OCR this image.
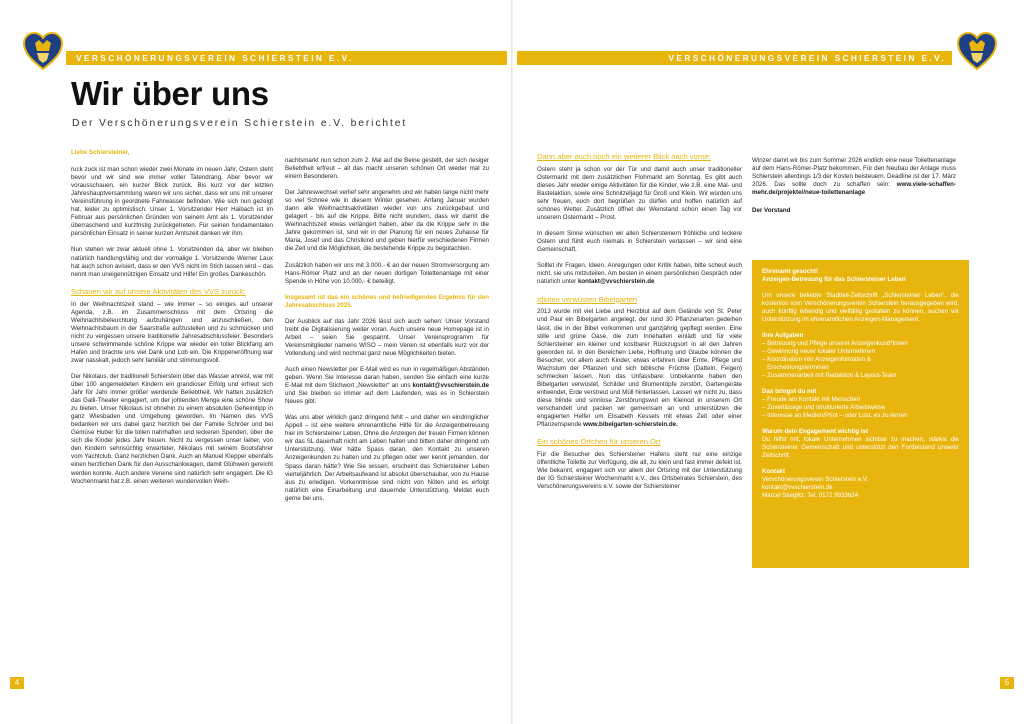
VERSCHÖNERUNGSVEREIN SCHIERSTEIN E.V.	VERSCHÖNERUNGSVEREIN SCHIERSTEIN E.V.
Wir über uns
Der Verschönerungsverein Schierstein e.V. berichtet

Liebe Schiersteiner,

ruck zuck ist man schon wieder zwei Monate im neuen Jahr, Ostern steht bevor und wir sind wie immer voller Tatendrang. Aber bevor wir vorausschauen, ein kurzer Blick zurück. Bis kurz vor der letzten Jahreshauptversammlung waren wir uns sicher, dass wir uns mit unserer Vereinsführung in geordnete Fahrwasser befinden. Wie sich nun gezeigt hat, leider zu optimistisch. Unser 1. Vorsitzender Herr Haibach ist im Februar aus persönlichen Gründen von seinem Amt als 1. Vorsitzender überraschend und kurzfristig zurückgetreten. Für seinen fundamentalen persönlichen Einsatz in seiner kurzen Amtszeit danken wir ihm.

Nun stehen wir zwar aktuell ohne 1. Vorsitzenden da, aber wir bleiben natürlich handlungsfähig und der vormalige 1. Vorsitzende Werner Laux hat auch schon avisiert, dass er den VVS nicht im Stich lassen wird – das nennt man uneigennützigen Einsatz und Hilfe! Ein großes Dankeschön.

Schauen wir auf unsere Aktivitäten des VVS zurück:

In der Weihnachtszeit stand – wie immer – so einiges auf unserer Agenda, z.B. im Zusammenschluss mit dem Ortsring die Weihnachtsbeleuchtung aufzuhängen und anzuschließen, den Weihnachtsbaum in der Saarstraße aufzustellen und zu schmücken und nicht zu vergessen unsere traditionelle Jahresabschlussfeier. Besonders unsere schwimmende schöne Krippe war wieder ein toller Blickfang am Hafen und brachte uns viel Dank und Lob ein. Die Krippeneröffnung war zwar nasskalt, jedoch sehr familiär und stimmungsvoll.

Der Nikolaus, der traditionell Schierstein über das Wasser anreist, war mit über 100 angemeldeten Kindern ein grandioser Erfolg und erfreut sich Jahr für Jahr immer größer werdende Beliebtheit. Wir hatten zusätzlich das Galli-Theater engagiert, um der johlenden Menge eine schöne Show zu bieten. Unser Nikolaus ist ohnehin zu einem absoluten Geheimtipp in ganz Wiesbaden und Umgebung geworden. Im Namen des VVS bedanken wir uns dabei ganz herzlich bei der Familie Schröer und bei Gemüse Huber für die tollen nahrhaften und leckeren Spenden, über die sich die Kinder jedes Jahr freuen. Nicht zu vergessen unser lieber, von den Kindern sehnsüchtig erwarteter, Nikolaus mit seinem Bootsfahrer vom Yachtclub. Ganz herzlichen Dank. Auch an Manuel Klepper ebenfalls einen herzlichen Dank für den Ausschankwagen, damit Glühwein gereicht werden konnte. Auch andere Vereine sind natürlich sehr engagiert. Die IG Wochenmarkt hat z.B. einen weiteren wundervollen Weih-

nachtsmarkt nun schon zum 2. Mal auf die Beine gestellt, der sich riesiger Beliebtheit erfreut – all das macht unseren schönen Ort wieder mal zu einem Besonderen.

Der Jahreswechsel verlief sehr angenehm und wir haben lange nicht mehr so viel Schnee wie in diesem Winter gesehen. Anfang Januar wurden dann alle Weihnachtsaktivitäten wieder von uns zurückgebaut und gelagert - bis auf die Krippe. Bitte nicht wundern, dass wir damit die Weihnachtszeit etwas verlängert haben, aber da die Krippe sehr in die Jahre gekommen ist, sind wir in der Planung für ein neues Zuhause für Maria, Josef und das Christkind und geben hierfür verschiedenen Firmen die Zeit und die Möglichkeit, die bestehende Krippe zu begutachten.

Zusätzlich haben wir uns mit 3.000,- € an der neuen Stromversorgung am Hans-Römer Platz und an der neuen dortigen Toilettenanlage mit einer Spende in Höhe von 10.000,- € beteiligt.

Insgesamt ist das ein schönes und befriedigendes Ergebnis für den Jahresabschluss 2025.

Der Ausblick auf das Jahr 2026 lässt sich auch sehen: Unser Vorstand treibt die Digitalisierung weiter voran. Auch unsere neue Homepage ist in Arbeit – seien Sie gespannt. Unser Vereinsprogramm für Vereinsmitglieder namens WISO – mein Verein ist ebenfalls kurz vor der Vollendung und wird nochmal ganz neue Möglichkeiten bieten.

Auch einen Newsletter per E-Mail wird es nun in regelmäßigen Abständen geben. Wenn Sie Interesse daran haben, senden Sie einfach eine kurze E-Mail mit dem Stichwort „Newsletter“ an uns kontakt@vvschierstein.de und Sie bleiben so immer auf dem Laufenden, was es in Schierstein Neues gibt.

Was uns aber wirklich ganz dringend fehlt – und daher ein eindringlicher Appell – ist eine weitere ehrenamtliche Hilfe für die Anzeigenbetreuung hier im Schiersteiner Leben. Ohne die Anzeigen der treuen Firmen können wir das SL dauerhaft nicht am Leben halten und bitten daher dringend um Unterstützung. Wer hätte Spass daran, den Kontakt zu unseren Anzeigenkunden zu halten und zu pflegen oder wer kennt jemanden, der Spass daran hätte? Wie Sie wissen, erscheint das Schiersteiner Leben vierteljährlich. Der Arbeitsaufwand ist absolut überschaubar, von zu Hause aus zu erledigen. Vorkenntnisse sind nicht von Nöten und es erfolgt natürlich eine Einarbeitung und dauernde Unterstützung. Meldet euch gerne bei uns.

Dann aber auch noch ein weiterer Blick nach vorne:

Ostern steht ja schon vor der Tür und damit auch unser traditioneller Ostermarkt mit dem zusätzlichen Flohmarkt am Sonntag. Es gibt auch dieses Jahr wieder einige Aktivitäten für die Kinder, wie z.B. eine Mal- und Bastelaktion, sowie eine Schnitzeljagd für Groß und Klein. Wir würden uns sehr freuen, euch dort begrüßen zu dürfen und hoffen natürlich auf schönes Wetter. Zusätzlich öffnet der Weinstand schon einen Tag vor unserem Ostermarkt – Prost.

In diesem Sinne wünschen wir allen Schiersteinern fröhliche und leckere Ostern und fühlt euch niemals in Schierstein verlassen – wir sind eine Gemeinschaft.

Solltet ihr Fragen, Ideen, Anregungen oder Kritik haben, bitte scheut euch nicht, sie uns mitzuteilen. Am besten in einem persönlichen Gespräch oder natürlich unter kontakt@vvschierstein.de

Idioten verwüsten Bibelgarten

2013 wurde mit viel Liebe und Herzblut auf dem Gelände von St. Peter und Paul ein Bibelgarten angelegt, der rund 30 Pflanzenarten gedeihen lässt, die in der Bibel vorkommen und ganzjährig gepflegt werden. Eine stille und grüne Oase, die zum Innehalten einlädt und für viele Schiersteiner ein kleiner und kostbarer Rückzugsort in all den Jahren geworden ist. In den Bereichen Liebe, Hoffnung und Glaube können die Besucher, vor allem auch Kinder, etwas erfahren über Ernte, Pflege und Wachstum der Pflanzen und sich biblische Früchte (Datteln, Feigen) schmecken lassen. Nun das Unfassbare: Unbekannte haben den Bibelgarten verwüstet, Schilder und Blumentöpfe zerstört, Gartengeräte entwendet, Erde verstreut und Müll hinterlassen. Lassen wir nicht zu, dass diese blinde und sinnlose Zerstörungswut ein Kleinod in unserem Ort verschandelt und packen wir gemeinsam an und unterstützen die engagierten Helfer um Elisabeth Kessels mit etwas Zeit oder einer Pflanzenspende www.bibelgarten-schierstein.de.

Ein schönes Örtchen für unseren Ort

Für die Besucher des Schiersteiner Hafens steht nur eine einzige öffentliche Toilette zur Verfügung, die alt, zu klein und fast immer defekt ist. Wie bekannt, engagiert sich vor allem der Ortsring mit der Unterstützung der IG Schiersteiner Wochenmarkt e.V., des Ortsbeirates Schierstein, des Verschönerungsvereins e.V. sowie der Schiersteiner

Winzer damit wir bis zum Sommer 2026 endlich eine neue Toilettenanlage auf dem Hans-Römer-Platz bekommen. Für den Neubau der Anlage muss Schierstein allerdings 1/3 der Kosten beisteuern. Deadline ist der 17. März 2026. Das sollte doch zu schaffen sein: www.viele-schaffen-mehr.de/projekte//neue-toilettenanlage

Der Vorstand

Ehrenamt gesucht!
Anzeigen-Betreuung für das Schiersteiner Leben

Um unsere beliebte Stadtteil-Zeitschrift „Schiersteiner Leben“, die kostenlos vom Verschönerungsverein Schierstein herausgegeben wird, auch künftig lebendig und vielfältig gestalten zu können, suchen wir Unterstützung im ehrenamtlichen Anzeigen-Management.

Ihre Aufgaben
– Betreuung und Pflege unserer Anzeigenkund*innen
– Gewinnung neuer lokaler Unternehmen
– Koordination von Anzeigenformaten &
Erscheinungsterminen
– Zusammenarbeit mit Redaktion & Layout-Team
Das bringst du mit
– Freude am Kontakt mit Menschen
– Zuverlässige und strukturierte Arbeitsweise
– Interesse an Medien/Print – oder Lust, es zu lernen
Warum dein Engagement wichtig ist

Du hilfst mit, lokale Unternehmen sichtbar zu machen, stärkst die Schiersteiner Gemeinschaft und unterstützt den Fortbestand unserer Zeitschrift.

Kontakt
Verschönerungsverein Schierstein e.V.
kontakt@vvschierstein.de
Marcel Stieglitz, Tel. 0172 9933624
4	5
